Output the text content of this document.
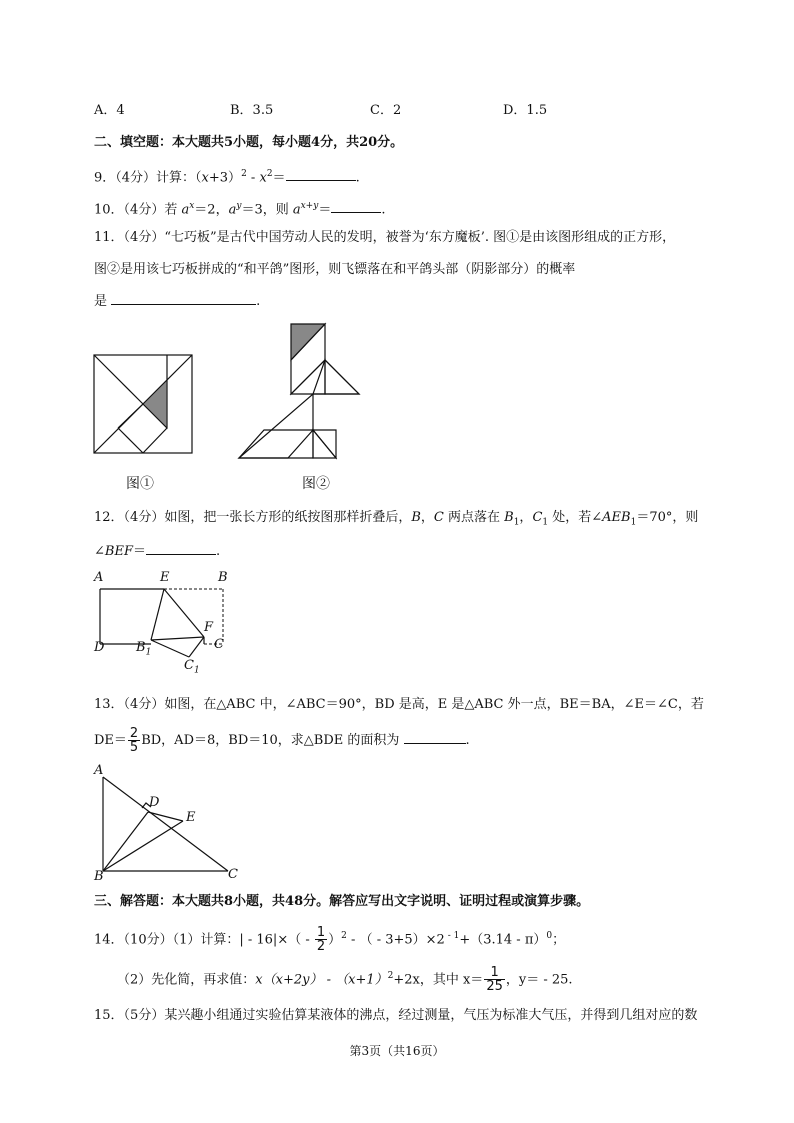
A．4	B．3.5	C．2	D．1.5
二、填空题：本大题共5小题，每小题4分，共20分。
9．（4分）计算：$(x+3)^2 - x^2=$	.
10．（4分）若 $a^x=2$，$a^y=3$，则 $a^{x+y}=$	.
11．（4分）“七巧板”是古代中国劳动人民的发明，被誉为‘东方魔板’. 图①是由该图形组成的正方形，
图②是用该七巧板拼成的“和平鸽”图形，则飞镖落在和平鸽头部（阴影部分）的概率
是	.
图①	图②
12．（4分）如图，把一张长方形的纸按图那样折叠后，B，C 两点落在 $B_1$，$C_1$ 处，若$\angle AEB_1=70^\circ$，则
∠BEF＝	.
A	E	B
F
D $B_1$
C
$C_1$
13．（4分）如图，在△ABC 中，∠ABC＝90°，BD 是高，E 是△ABC 外一点，BE＝BA，∠E＝∠C，若
$DE= \frac{2}{5}$ BD，AD＝8，BD＝10，求△BDE 的面积为	.
A
D
E
B	C
三、解答题：本大题共8小题，共48分。解答应写出文字说明、证明过程或演算步骤。
14．（10分）（1）计算：| - $16|\times( - \frac{1}{2} )^2$ - （ - 3+5）×2 $^{- 1}$+（3.14 - π）$^0$；
（2）先化简，再求值：$x(x+2y) - (x+1)^2+2x$，其中 $x= \frac{1}{25}$ ，y＝ - 25.
15．（5分）某兴趣小组通过实验估算某液体的沸点，经过测量，气压为标准大气压，并得到几组对应的数
第3页（共16页）
